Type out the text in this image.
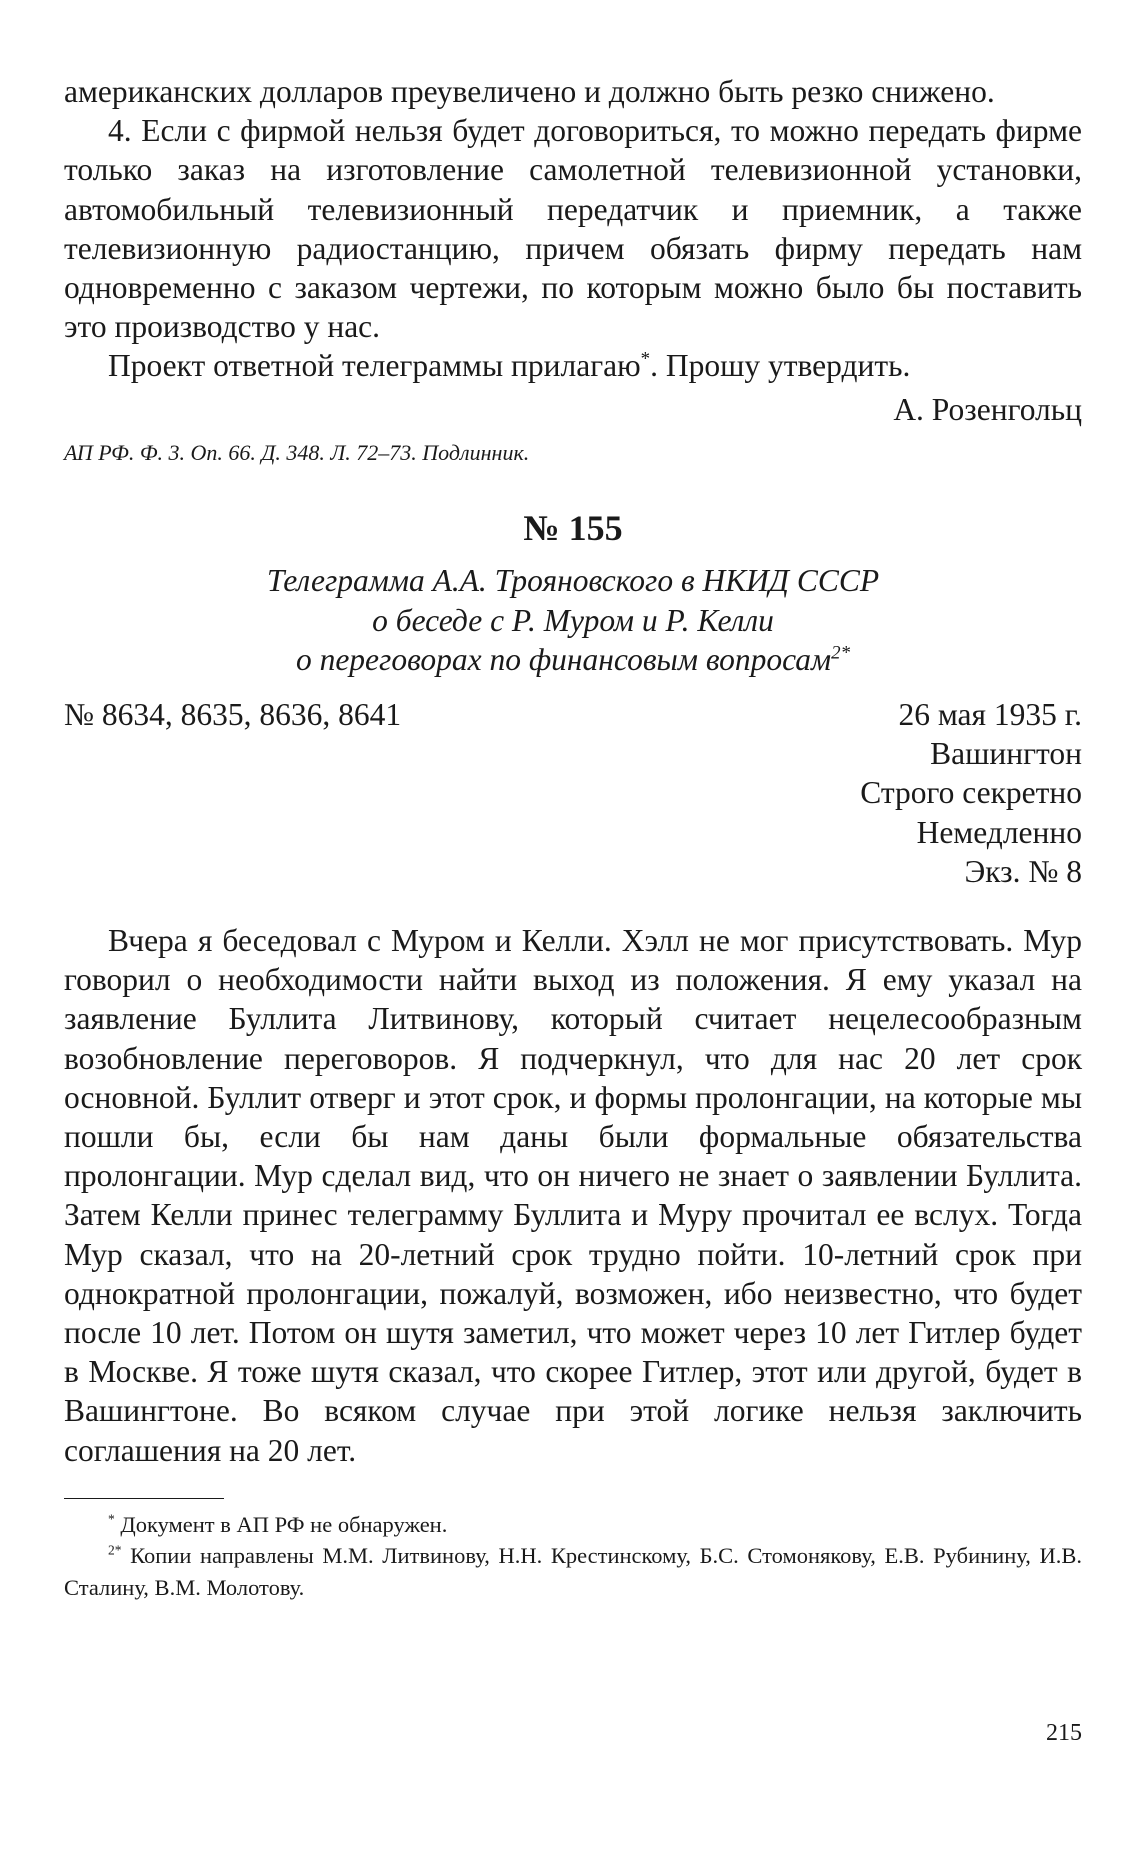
американских долларов преувеличено и должно быть резко снижено.

4. Если с фирмой нельзя будет договориться, то можно передать фирме только заказ на изготовление самолетной телевизионной установки, автомобильный телевизионный передатчик и приемник, а также телевизионную радиостанцию, причем обязать фирму передать нам одновременно с заказом чертежи, по которым можно было бы поставить это производство у нас.

Проект ответной телеграммы прилагаю*. Прошу утвердить.

А. Розенгольц

АП РФ. Ф. 3. Оп. 66. Д. 348. Л. 72–73. Подлинник.
№ 155

Телеграмма А.А. Трояновского в НКИД СССР

о беседе с Р. Муром и Р. Келли

о переговорах по финансовым вопросам$^{2*}$

№ 8634, 8635, 8636, 8641	26 мая 1935 г.

Вашингтон

Строго секретно

Немедленно

Экз. № 8

Вчера я беседовал с Муром и Келли. Хэлл не мог присутствовать. Мур говорил о необходимости найти выход из положения. Я ему указал на заявление Буллита Литвинову, который считает нецелесообразным возобновление переговоров. Я подчеркнул, что для нас 20 лет срок основной. Буллит отверг и этот срок, и формы пролонгации, на которые мы пошли бы, если бы нам даны были формальные обязательства пролонгации. Мур сделал вид, что он ничего не знает о заявлении Буллита. Затем Келли принес телеграмму Буллита и Муру прочитал ее вслух. Тогда Мур сказал, что на 20-летний срок трудно пойти. 10-летний срок при однократной пролонгации, пожалуй, возможен, ибо неизвестно, что будет после 10 лет. Потом он шутя заметил, что может через 10 лет Гитлер будет в Москве. Я тоже шутя сказал, что скорее Гитлер, этот или другой, будет в Вашингтоне. Во всяком случае при этой логике нельзя заключить соглашения на 20 лет.

* Документ в АП РФ не обнаружен.

$^{2*}$ Копии направлены М.М. Литвинову, Н.Н. Крестинскому, Б.С. Стомонякову, Е.В. Рубинину, И.В. Сталину, В.М. Молотову.

215
